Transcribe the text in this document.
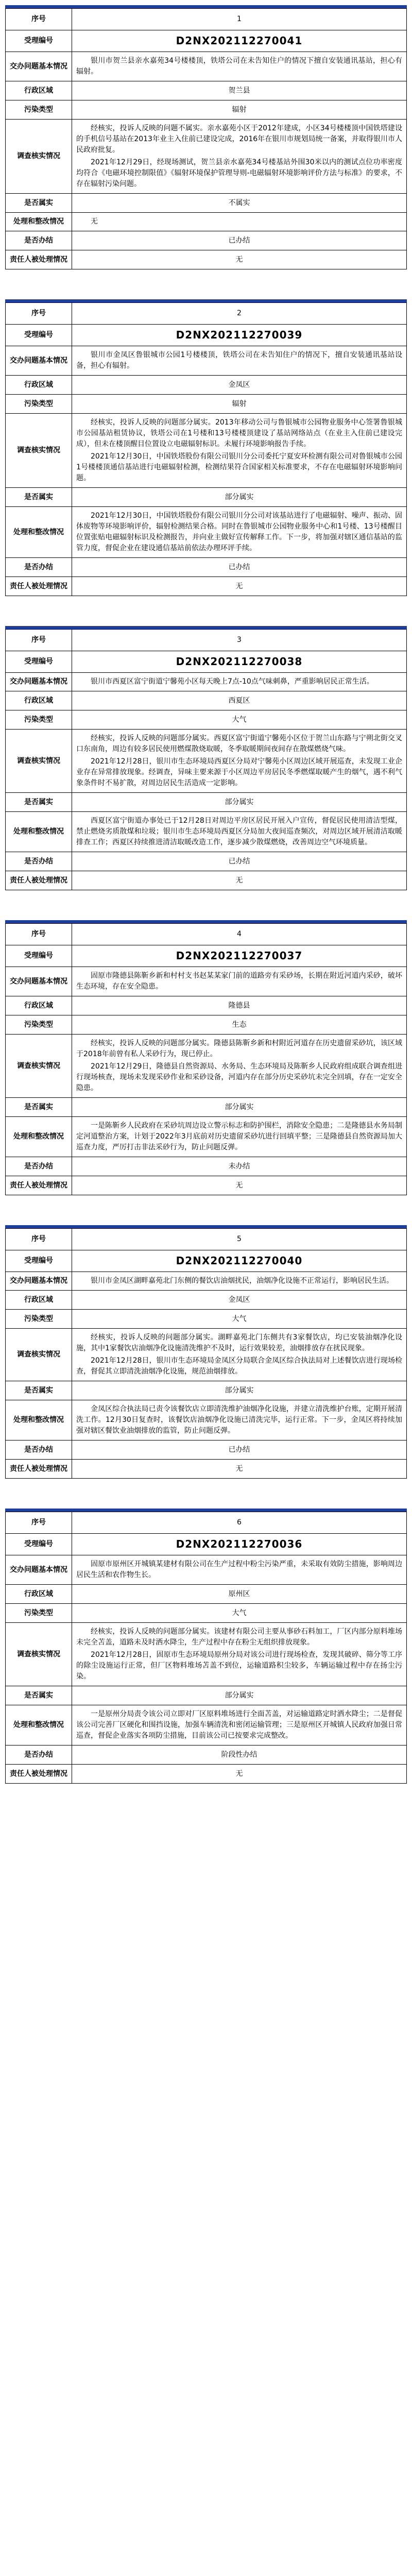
序号	1
受理编号	D2NX202112270041
交办问题基本情况	银川市贺兰县亲水嘉苑34号楼楼顶，铁塔公司在未告知住户的情况下擅自安装通讯基站，担心有辐射。

行政区域	贺兰县
污染类型	辐射
调查核实情况	经核实，投诉人反映的问题不属实。亲水嘉苑小区于2012年建成，小区34号楼楼顶中国铁塔建设的手机信号基站在2013年业主入住前已建设完成，2016年在银川市规划局统一备案，并取得银川市人民政府批复。

2021年12月29日，经现场测试，贺兰县亲水嘉苑34号楼基站外围30米以内的测试点位功率密度均符合《电磁环境控制限值》《辐射环境保护管理导则-电磁辐射环境影响评价方法与标准》的要求，不存在辐射污染问题。

是否属实	不属实
处理和整改情况	无

是否办结	已办结
责任人被处理情况	无
序号	2
受理编号	D2NX202112270039
交办问题基本情况	银川市金凤区鲁银城市公园1号楼楼顶，铁塔公司在未告知住户的情况下，擅自安装通讯基站设备，担心有辐射。

行政区域	金凤区
污染类型	辐射
调查核实情况	经核实，投诉人反映的问题部分属实。2013年移动公司与鲁银城市公园物业服务中心签署鲁银城市公园基站租赁协议，铁塔公司在1号楼和13号楼楼顶建设了基站网络站点（在业主入住前已建设完成），但未在楼顶醒目位置设立电磁辐射标识。未履行环境影响报告手续。

2021年12月30日，中国铁塔股份有限公司银川分公司委托宁夏安环检测有限公司对鲁银城市公园1号楼楼顶通信基站进行电磁辐射检测，检测结果符合国家相关标准要求，不存在电磁辐射环境影响问题。

是否属实	部分属实
处理和整改情况	2021年12月30日，中国铁塔股份有限公司银川分公司对该基站进行了电磁辐射、噪声、振动、固体废物等环境影响评价，辐射检测结果合格。同时在鲁银城市公园物业服务中心和1号楼、13号楼醒目位置张贴电磁辐射标识及检测报告，并向业主做好宣传解释工作。下一步，将加强对辖区通信基站的监管力度，督促企业在建设通信基站前依法办理环评手续。

是否办结	已办结
责任人被处理情况	无
序号	3
受理编号	D2NX202112270038
交办问题基本情况	银川市西夏区富宁街道宁馨苑小区每天晚上7点-10点气味刺鼻，严重影响居民正常生活。

行政区域	西夏区
污染类型	大气
调查核实情况	经核实，投诉人反映的问题部分属实。西夏区富宁街道宁馨苑小区位于贺兰山东路与宁朔北街交叉口东南角，周边有较多居民使用燃煤散烧取暖，冬季取暖期间夜间存在散煤燃烧气味。

2021年12月28日，银川市生态环境局西夏区分局对宁馨苑小区周边区域开展巡查，未发现工业企业存在异常排放现象。经调查，异味主要来源于小区周边平房居民冬季燃煤取暖产生的烟气，遇不利气象条件时不易扩散，对周边居民生活造成一定影响。

是否属实	部分属实
处理和整改情况	西夏区富宁街道办事处已于12月28日对周边平房区居民开展入户宣传，督促居民使用清洁型煤，禁止燃烧劣质散煤和垃圾；银川市生态环境局西夏区分局加大夜间巡查频次，对周边区域开展清洁取暖排查工作；西夏区持续推进清洁取暖改造工作，逐步减少散煤燃烧，改善周边空气环境质量。

是否办结	已办结
责任人被处理情况	无
序号	4
受理编号	D2NX202112270037
交办问题基本情况	固原市隆德县陈靳乡新和村村支书赵某某家门前的道路旁有采砂场，长期在附近河道内采砂，破坏生态环境，存在安全隐患。

行政区域	隆德县
污染类型	生态
调查核实情况	经核实，投诉人反映的问题部分属实。隆德县陈靳乡新和村附近河道存在历史遗留采砂坑，该区域于2018年前曾有私人采砂行为，现已停止。

2021年12月29日，隆德县自然资源局、水务局、生态环境局及陈靳乡人民政府组成联合调查组进行现场核查，现场未发现采砂作业和采砂设备，河道内存在部分历史采砂坑未完全回填，存在一定安全隐患。

是否属实	部分属实
处理和整改情况	一是陈靳乡人民政府在采砂坑周边设立警示标志和防护围栏，消除安全隐患；二是隆德县水务局制定河道整治方案，计划于2022年3月底前对历史遗留采砂坑进行回填平整；三是隆德县自然资源局加大巡查力度，严厉打击非法采砂行为，防止问题反弹。

是否办结	未办结
责任人被处理情况	无
序号	5
受理编号	D2NX202112270040
交办问题基本情况	银川市金凤区湖畔嘉苑北门东侧的餐饮店油烟扰民，油烟净化设施不正常运行，影响居民生活。

行政区域	金凤区
污染类型	大气
调查核实情况	经核实，投诉人反映的问题部分属实。湖畔嘉苑北门东侧共有3家餐饮店，均已安装油烟净化设施，其中1家餐饮店油烟净化设施清洗维护不及时，运行效果较差，油烟排放存在扰民现象。

2021年12月28日，银川市生态环境局金凤区分局联合金凤区综合执法局对上述餐饮店进行现场检查，督促其立即清洗油烟净化设施，规范油烟排放。

是否属实	部分属实
处理和整改情况	金凤区综合执法局已责令该餐饮店立即清洗维护油烟净化设施，并建立清洗维护台账，定期开展清洗工作。12月30日复查时，该餐饮店油烟净化设施已清洗完毕，运行正常。下一步，金凤区将持续加强对辖区餐饮业油烟排放的监管，防止问题反弹。

是否办结	已办结
责任人被处理情况	无
序号	6
受理编号	D2NX202112270036
交办问题基本情况	固原市原州区开城镇某建材有限公司在生产过程中粉尘污染严重，未采取有效防尘措施，影响周边居民生活和农作物生长。

行政区域	原州区
污染类型	大气
调查核实情况	经核实，投诉人反映的问题部分属实。该建材有限公司主要从事砂石料加工，厂区内部分原料堆场未完全苫盖，道路未及时洒水降尘，生产过程中存在粉尘无组织排放现象。

2021年12月28日，固原市生态环境局原州分局对该公司进行现场检查，发现其破碎、筛分等工序的除尘设施运行正常，但厂区物料堆场苫盖不到位，运输道路积尘较多，车辆运输过程中存在扬尘污染。

是否属实	部分属实
处理和整改情况	一是原州分局责令该公司立即对厂区原料堆场进行全面苫盖，对运输道路定时洒水降尘；二是督促该公司完善厂区硬化和围挡设施，加强车辆清洗和密闭运输管理；三是原州区开城镇人民政府加强日常巡查，督促企业落实各项防尘措施，目前该公司已按要求完成整改。

是否办结	阶段性办结
责任人被处理情况	无
